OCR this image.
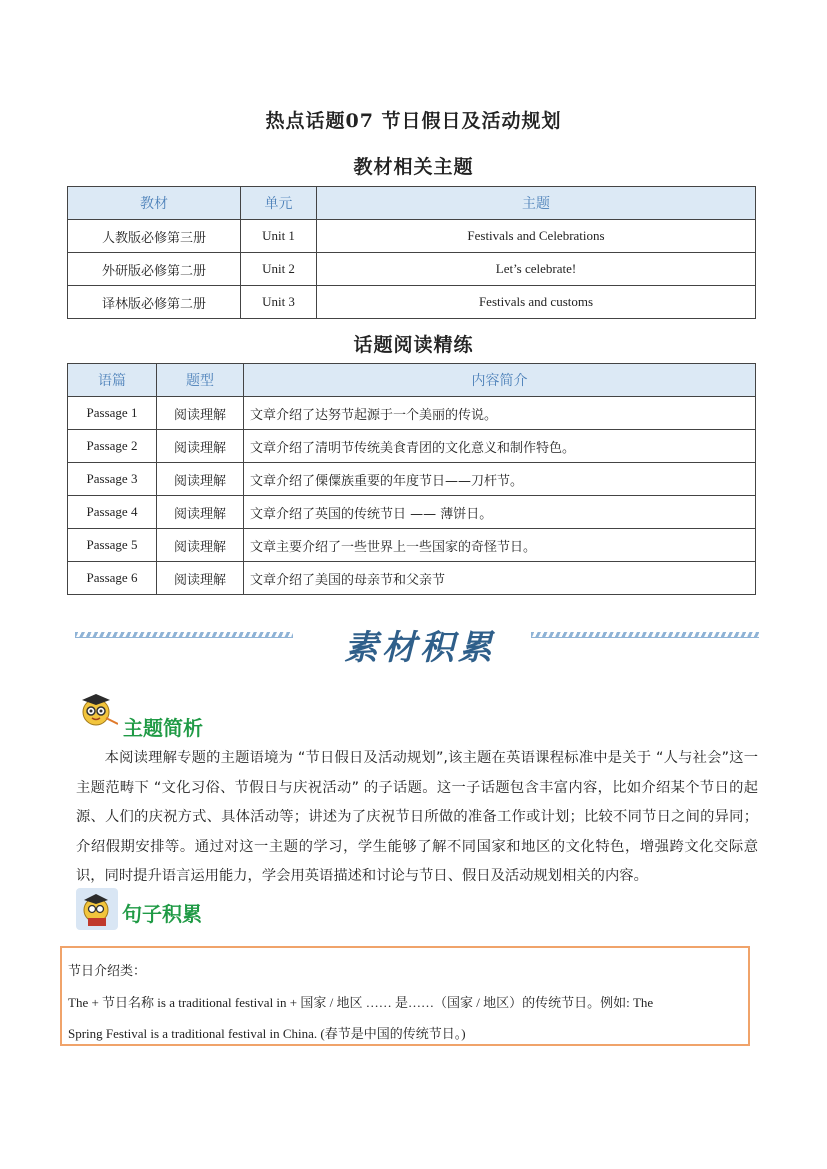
热点话题07 节日假日及活动规划
教材相关主题
教材	单元	主题
人教版必修第三册	Unit 1	Festivals and Celebrations
外研版必修第二册	Unit 2	Let’s celebrate!
译林版必修第二册	Unit 3	Festivals and customs
话题阅读精练
语篇	题型	内容简介
Passage 1	阅读理解	文章介绍了达努节起源于一个美丽的传说。
Passage 2	阅读理解	文章介绍了清明节传统美食青团的文化意义和制作特色。
Passage 3	阅读理解	文章介绍了傈僳族重要的年度节日——刀杆节。
Passage 4	阅读理解	文章介绍了英国的传统节日 —— 薄饼日。
Passage 5	阅读理解	文章主要介绍了一些世界上一些国家的奇怪节日。
Passage 6	阅读理解	文章介绍了美国的母亲节和父亲节
素材积累
主题简析
本阅读理解专题的主题语境为 “节日假日及活动规划”,该主题在英语课程标准中是关于 “人与社会”这一主题范畴下 “文化习俗、节假日与庆祝活动” 的子话题。这一子话题包含丰富内容，比如介绍某个节日的起源、人们的庆祝方式、具体活动等；讲述为了庆祝节日所做的准备工作或计划；比较不同节日之间的异同；介绍假期安排等。通过对这一主题的学习，学生能够了解不同国家和地区的文化特色，增强跨文化交际意识，同时提升语言运用能力，学会用英语描述和讨论与节日、假日及活动规划相关的内容。
句子积累
节日介绍类：
The + 节日名称 is a traditional festival in + 国家 / 地区 …… 是……（国家 / 地区）的传统节日。例如: The
Spring Festival is a traditional festival in China. (春节是中国的传统节日。)
